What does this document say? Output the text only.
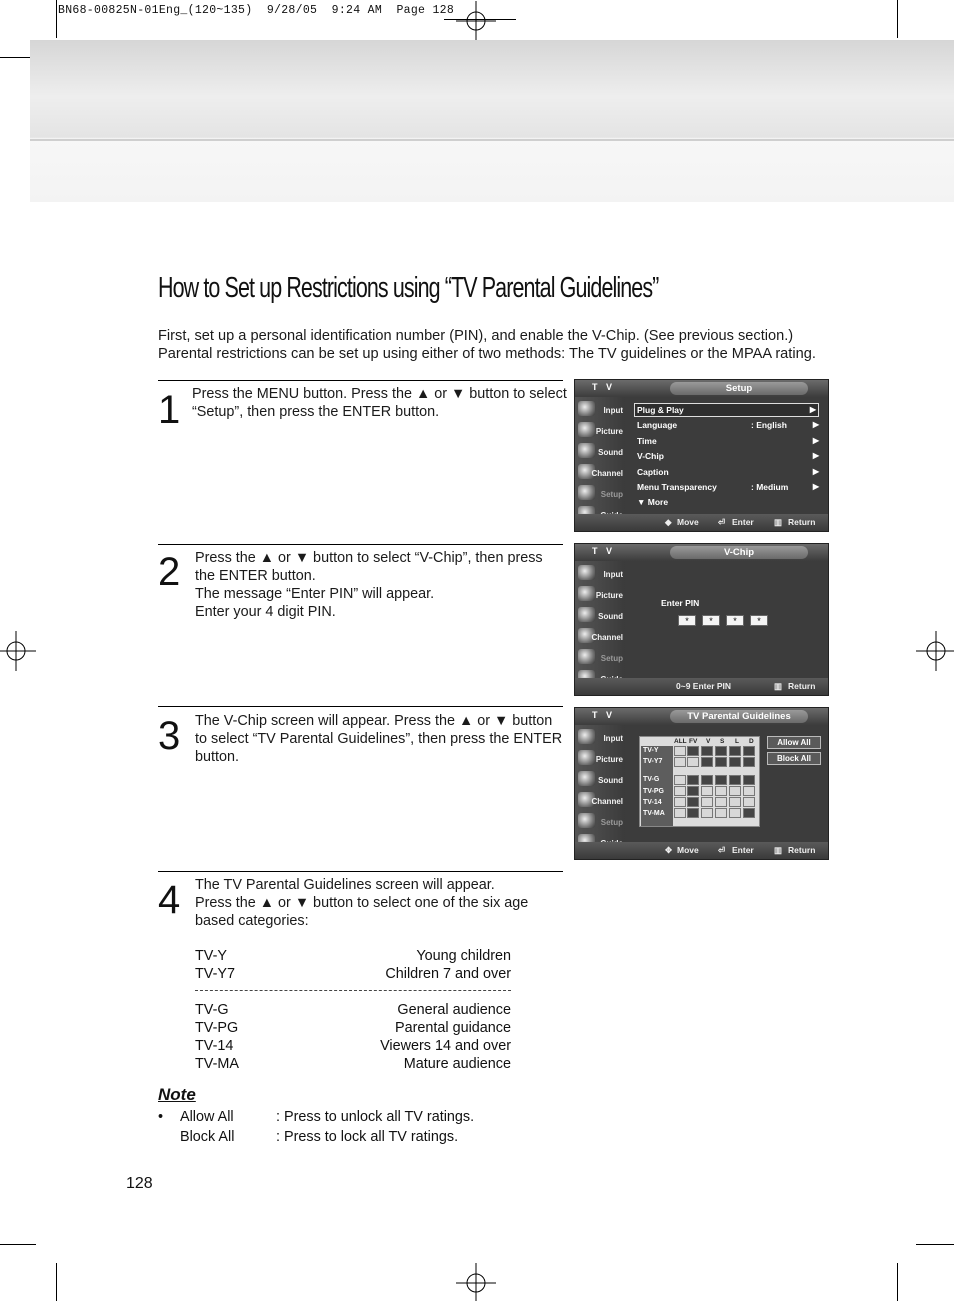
BN68-00825N-01Eng_(120~135)  9/28/05  9:24 AM  Page 128
How to Set up Restrictions using “TV Parental Guidelines”
First, set up a personal identification number (PIN), and enable the V-Chip. (See previous section.)
Parental restrictions can be set up using either of two methods: The TV guidelines or the MPAA rating.
1 Press the MENU button. Press the ▲ or ▼ button to select
“Setup”, then press the ENTER button.
2 Press the ▲ or ▼ button to select “V-Chip”, then press
the ENTER button.
The message “Enter PIN” will appear.
Enter your 4 digit PIN.
3 The V-Chip screen will appear. Press the ▲ or ▼ button
to select “TV Parental Guidelines”, then press the ENTER
button.
4 The TV Parental Guidelines screen will appear.
Press the ▲ or ▼ button to select one of the six age
based categories:
TV-Y	Young children
TV-Y7	Children 7 and over
TV-G	General audience
TV-PG	Parental guidance
TV-14	Viewers 14 and over
TV-MA	Mature audience
Note
• Allow All	: Press to unlock all TV ratings.
Block All	: Press to lock all TV ratings.
128
T V	Setup
Input
Picture
Sound
Channel
Setup
Plug & Play	▶
Language	: English	▶
Time	▶
V-Chip	▶
Caption	▶
Menu Transparency	: Medium	▶
▼ More
◆ Move ⏎ Enter ▥ Return
T V	V-Chip
Input
Picture
Sound
Channel
Setup
Enter PIN
*	*	*	*
0~9 Enter PIN	▥ Return
T V	TV Parental Guidelines
Input
Picture
Sound
Channel
Setup
ALL FV V S L D
TV-Y
TV-Y7
TV-G
TV-PG
TV-14
TV-MA
Allow All
Block All
✥ Move ⏎ Enter ▥ Return
